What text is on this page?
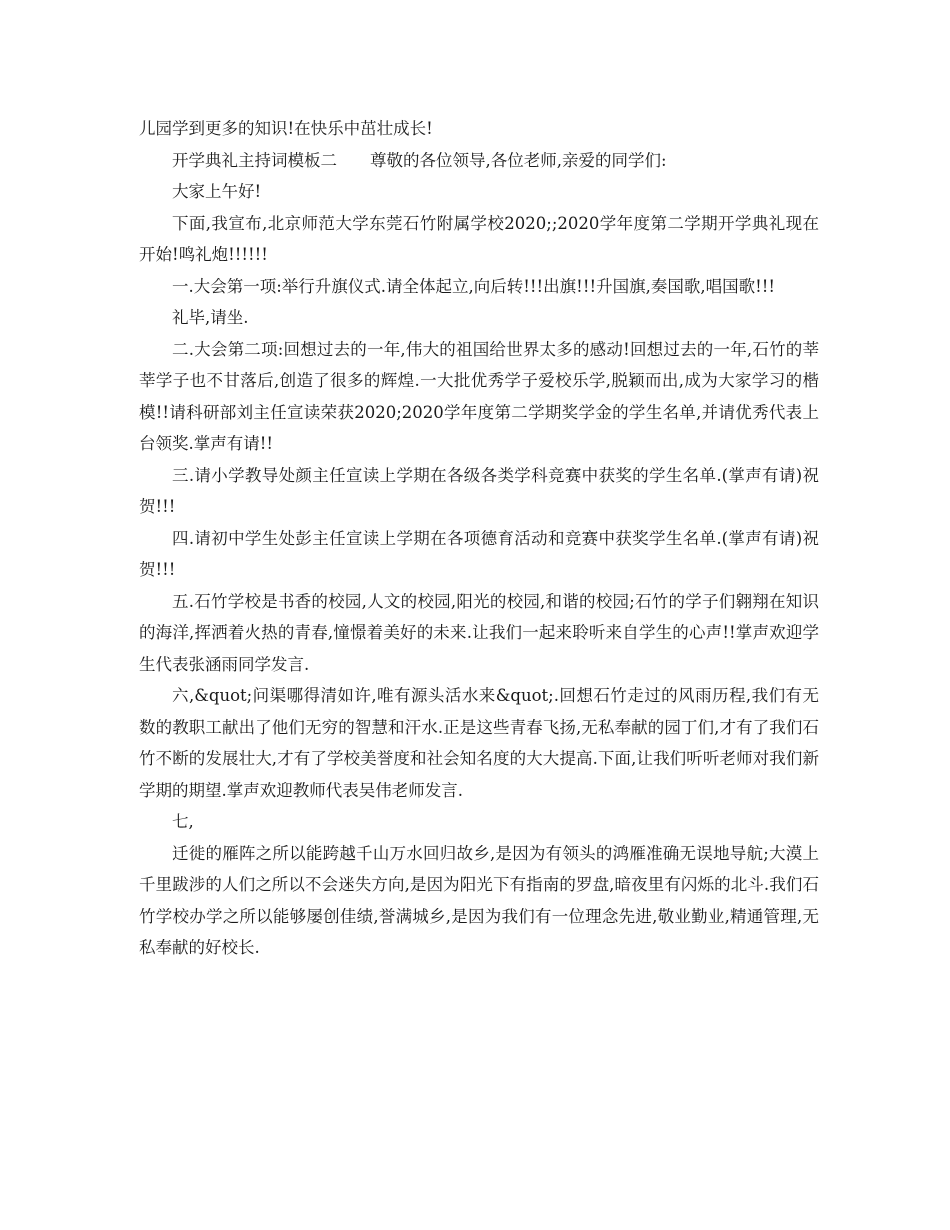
儿园学到更多的知识!在快乐中茁壮成长!

开学典礼主持词模板二　　尊敬的各位领导,各位老师,亲爱的同学们:

大家上午好!

下面,我宣布,北京师范大学东莞石竹附属学校2020;;2020学年度第二学期开学典礼现在开始!鸣礼炮!!!!!!

一.大会第一项:举行升旗仪式.请全体起立,向后转!!!出旗!!!升国旗,奏国歌,唱国歌!!!

礼毕,请坐.

二.大会第二项:回想过去的一年,伟大的祖国给世界太多的感动!回想过去的一年,石竹的莘莘学子也不甘落后,创造了很多的辉煌.一大批优秀学子爱校乐学,脱颖而出,成为大家学习的楷模!!请科研部刘主任宣读荣获2020;2020学年度第二学期奖学金的学生名单,并请优秀代表上台领奖.掌声有请!!

三.请小学教导处颜主任宣读上学期在各级各类学科竞赛中获奖的学生名单.(掌声有请)祝贺!!!

四.请初中学生处彭主任宣读上学期在各项德育活动和竞赛中获奖学生名单.(掌声有请)祝贺!!!

五.石竹学校是书香的校园,人文的校园,阳光的校园,和谐的校园;石竹的学子们翱翔在知识的海洋,挥洒着火热的青春,憧憬着美好的未来.让我们一起来聆听来自学生的心声!!掌声欢迎学生代表张涵雨同学发言.

六,&quot;问渠哪得清如许,唯有源头活水来&quot;.回想石竹走过的风雨历程,我们有无数的教职工献出了他们无穷的智慧和汗水.正是这些青春飞扬,无私奉献的园丁们,才有了我们石竹不断的发展壮大,才有了学校美誉度和社会知名度的大大提高.下面,让我们听听老师对我们新学期的期望.掌声欢迎教师代表吴伟老师发言.

七,

迁徙的雁阵之所以能跨越千山万水回归故乡,是因为有领头的鸿雁准确无误地导航;大漠上千里跋涉的人们之所以不会迷失方向,是因为阳光下有指南的罗盘,暗夜里有闪烁的北斗.我们石竹学校办学之所以能够屡创佳绩,誉满城乡,是因为我们有一位理念先进,敬业勤业,精通管理,无私奉献的好校长.
